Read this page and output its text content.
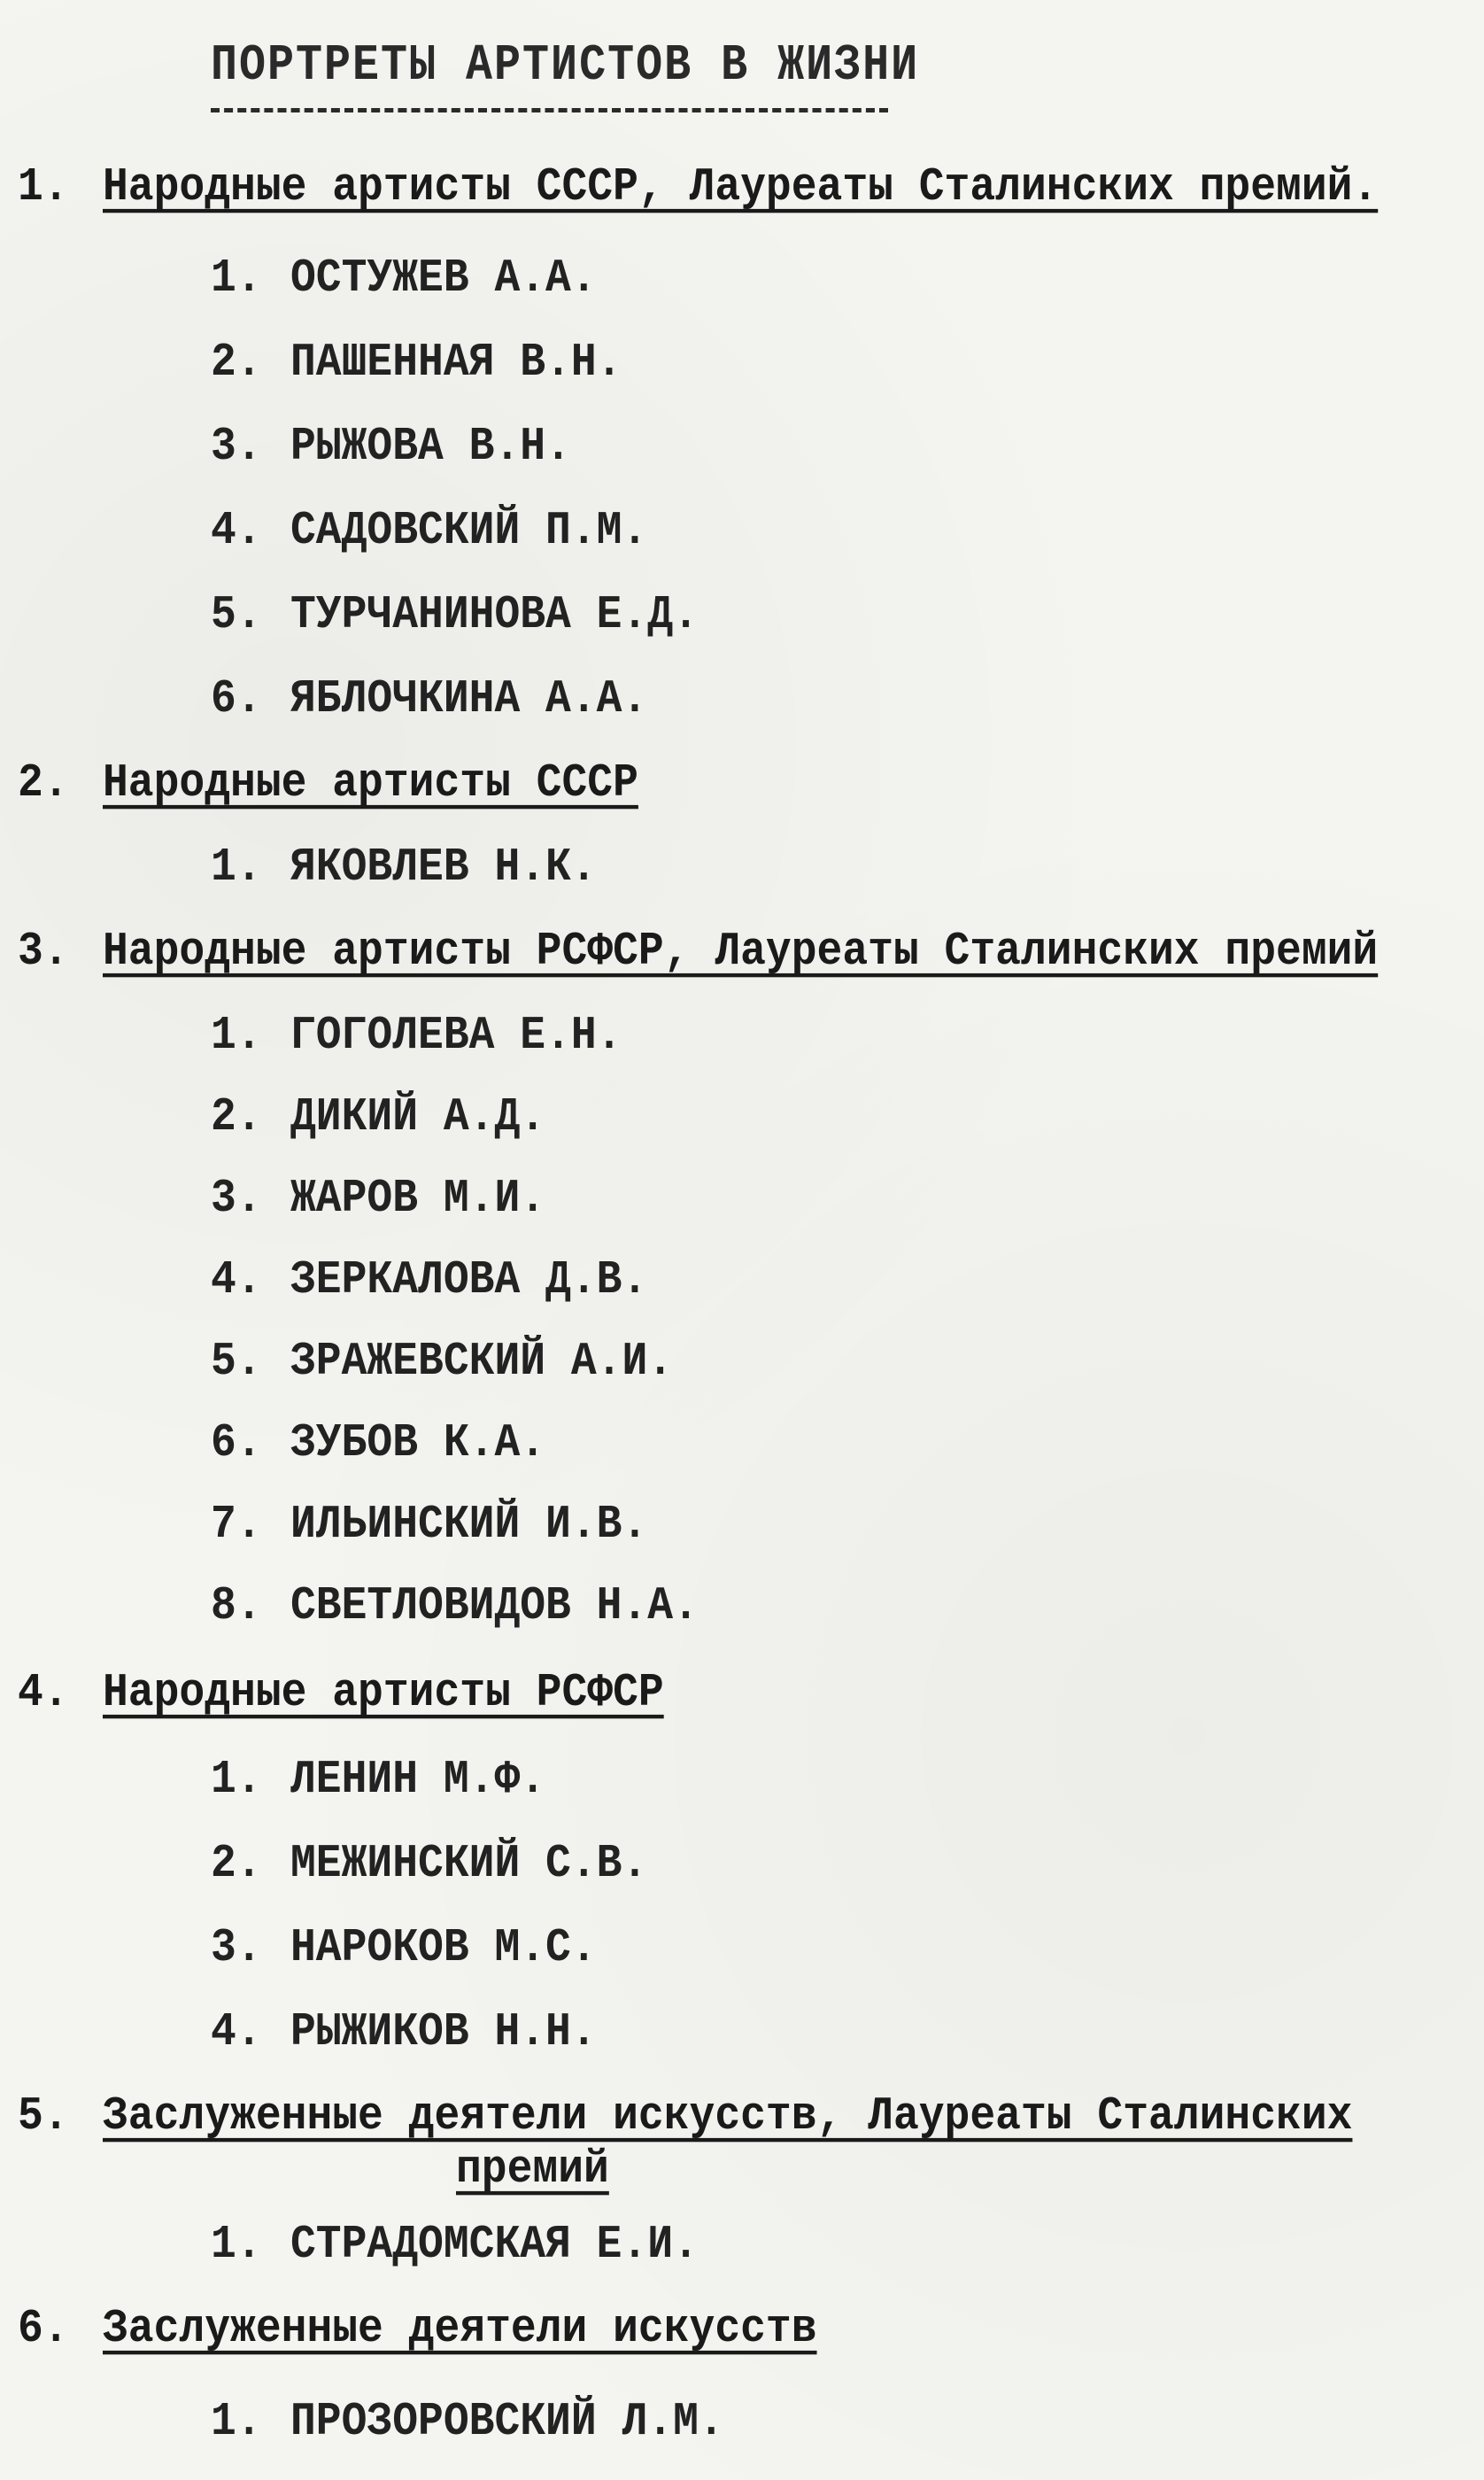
ПОРТРЕТЫ АРТИСТОВ В ЖИЗНИ
1. Народные артисты СССР, Лауреаты Сталинских премий.
1. ОСТУЖЕВ А.А.
2. ПАШЕННАЯ В.Н.
3. РЫЖОВА В.Н.
4. САДОВСКИЙ П.М.
5. ТУРЧАНИНОВА Е.Д.
6. ЯБЛОЧКИНА А.А.
2. Народные артисты СССР
1. ЯКОВЛЕВ Н.К.
3. Народные артисты РСФСР, Лауреаты Сталинских премий
1. ГОГОЛЕВА Е.Н.
2. ДИКИЙ А.Д.
3. ЖАРОВ М.И.
4. ЗЕРКАЛОВА Д.В.
5. ЗРАЖЕВСКИЙ А.И.
6. ЗУБОВ К.А.
7. ИЛЬИНСКИЙ И.В.
8. СВЕТЛОВИДОВ Н.А.
4. Народные артисты РСФСР
1. ЛЕНИН М.Ф.
2. МЕЖИНСКИЙ С.В.
3. НАРОКОВ М.С.
4. РЫЖИКОВ Н.Н.
5. Заслуженные деятели искусств, Лауреаты Сталинских
премий
1. СТРАДОМСКАЯ Е.И.
6. Заслуженные деятели искусств
1. ПРОЗОРОВСКИЙ Л.М.
